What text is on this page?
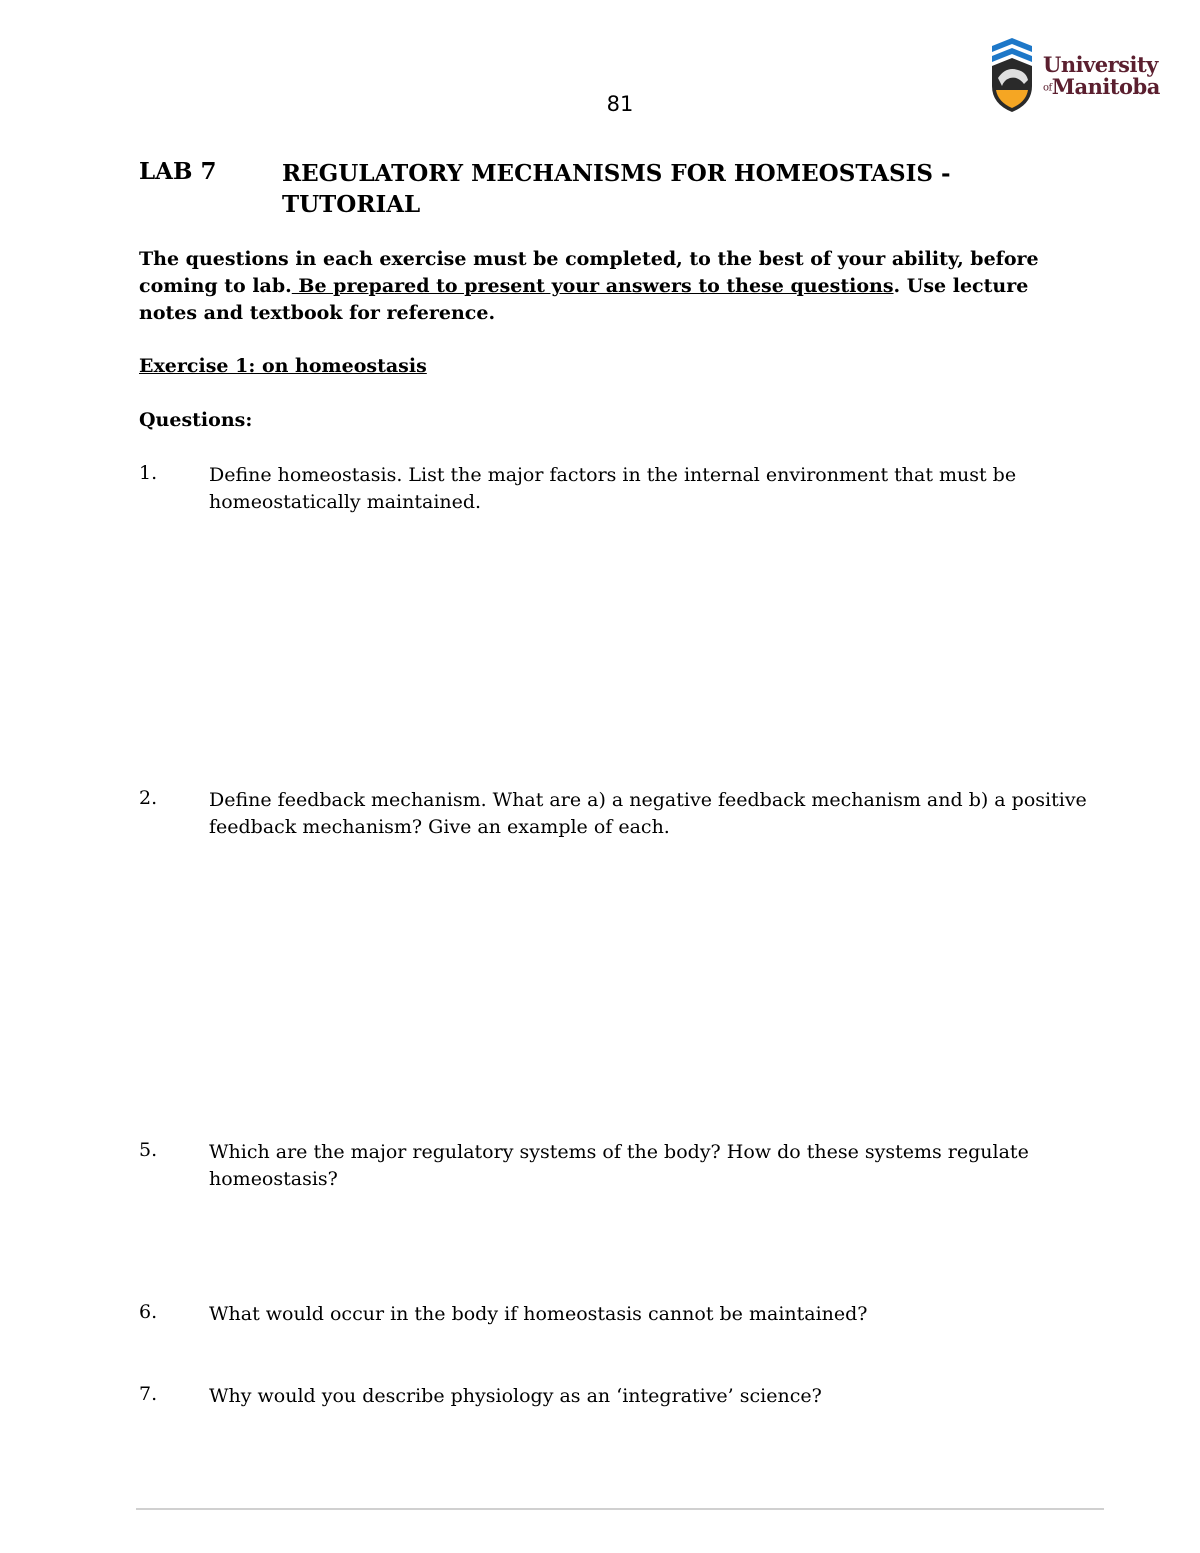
81
University
ofManitoba
LAB 7	REGULATORY MECHANISMS FOR HOMEOSTASIS - TUTORIAL
The questions in each exercise must be completed, to the best of your ability, before coming to lab. Be prepared to present your answers to these questions. Use lecture notes and textbook for reference.
Exercise 1: on homeostasis
Questions:
1.	Define homeostasis. List the major factors in the internal environment that must be homeostatically maintained.
2.	Define feedback mechanism. What are a) a negative feedback mechanism and b) a positive feedback mechanism? Give an example of each.
5.	Which are the major regulatory systems of the body? How do these systems regulate homeostasis?
6.	What would occur in the body if homeostasis cannot be maintained?
7.	Why would you describe physiology as an ‘integrative’ science?
